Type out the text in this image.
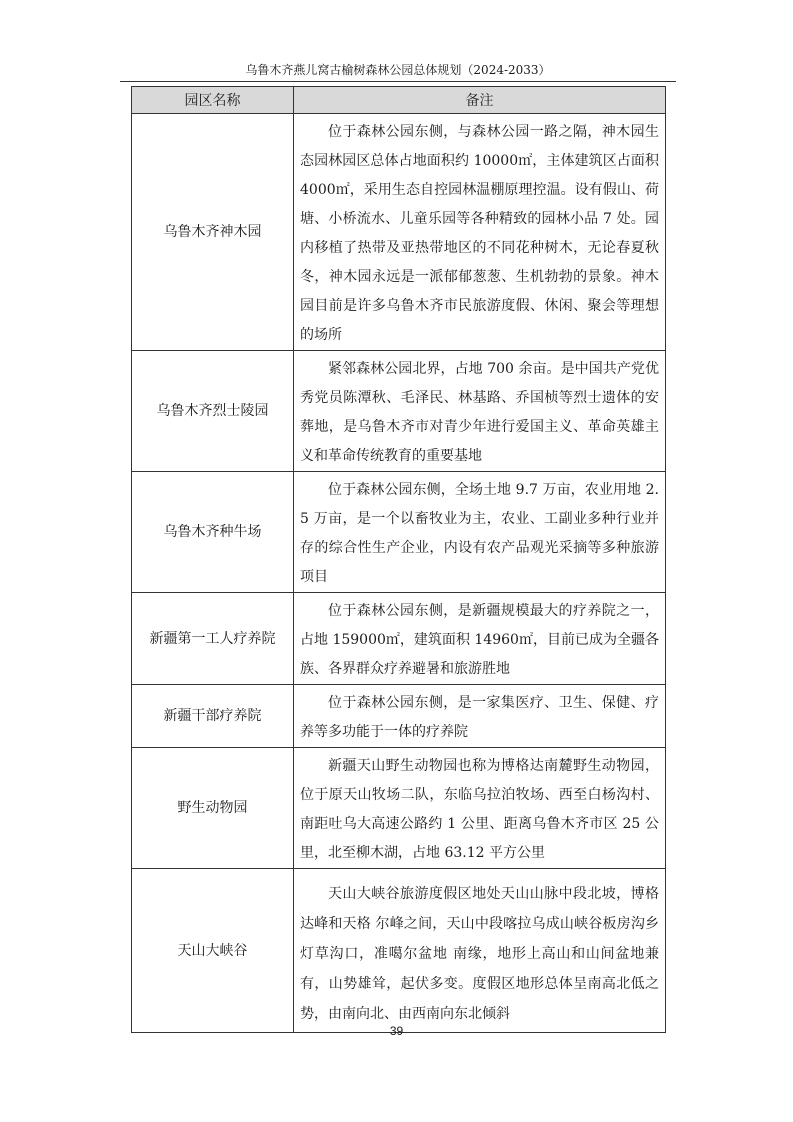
乌鲁木齐燕儿窝古榆树森林公园总体规划（2024-2033）
园区名称	备注
乌鲁木齐神木园	位于森林公园东侧，与森林公园一路之隔，神木园生态园林园区总体占地面积约 10000㎡，主体建筑区占面积 4000㎡，采用生态自控园林温棚原理控温。设有假山、荷塘、小桥流水、儿童乐园等各种精致的园林小品 7 处。园内移植了热带及亚热带地区的不同花种树木，无论春夏秋冬，神木园永远是一派郁郁葱葱、生机勃勃的景象。神木园目前是许多乌鲁木齐市民旅游度假、休闲、聚会等理想的场所
乌鲁木齐烈士陵园	紧邻森林公园北界，占地 700 余亩。是中国共产党优秀党员陈潭秋、毛泽民、林基路、乔国桢等烈士遗体的安葬地，是乌鲁木齐市对青少年进行爱国主义、革命英雄主义和革命传统教育的重要基地
乌鲁木齐种牛场	位于森林公园东侧，全场土地 9.7 万亩，农业用地 2.5 万亩，是一个以畜牧业为主，农业、工副业多种行业并存的综合性生产企业，内设有农产品观光采摘等多种旅游项目
新疆第一工人疗养院	位于森林公园东侧，是新疆规模最大的疗养院之一，占地 159000㎡，建筑面积 14960㎡，目前已成为全疆各族、各界群众疗养避暑和旅游胜地
新疆干部疗养院	位于森林公园东侧，是一家集医疗、卫生、保健、疗养等多功能于一体的疗养院
野生动物园	新疆天山野生动物园也称为博格达南麓野生动物园，位于原天山牧场二队，东临乌拉泊牧场、西至白杨沟村、南距吐乌大高速公路约 1 公里、距离乌鲁木齐市区 25 公里，北至柳木湖，占地 63.12 平方公里
天山大峡谷	天山大峡谷旅游度假区地处天山山脉中段北坡，博格达峰和天格 尔峰之间，天山中段喀拉乌成山峡谷板房沟乡灯草沟口，准噶尔盆地 南缘，地形上高山和山间盆地兼有，山势雄耸，起伏多变。度假区地形总体呈南高北低之势，由南向北、由西南向东北倾斜
39
